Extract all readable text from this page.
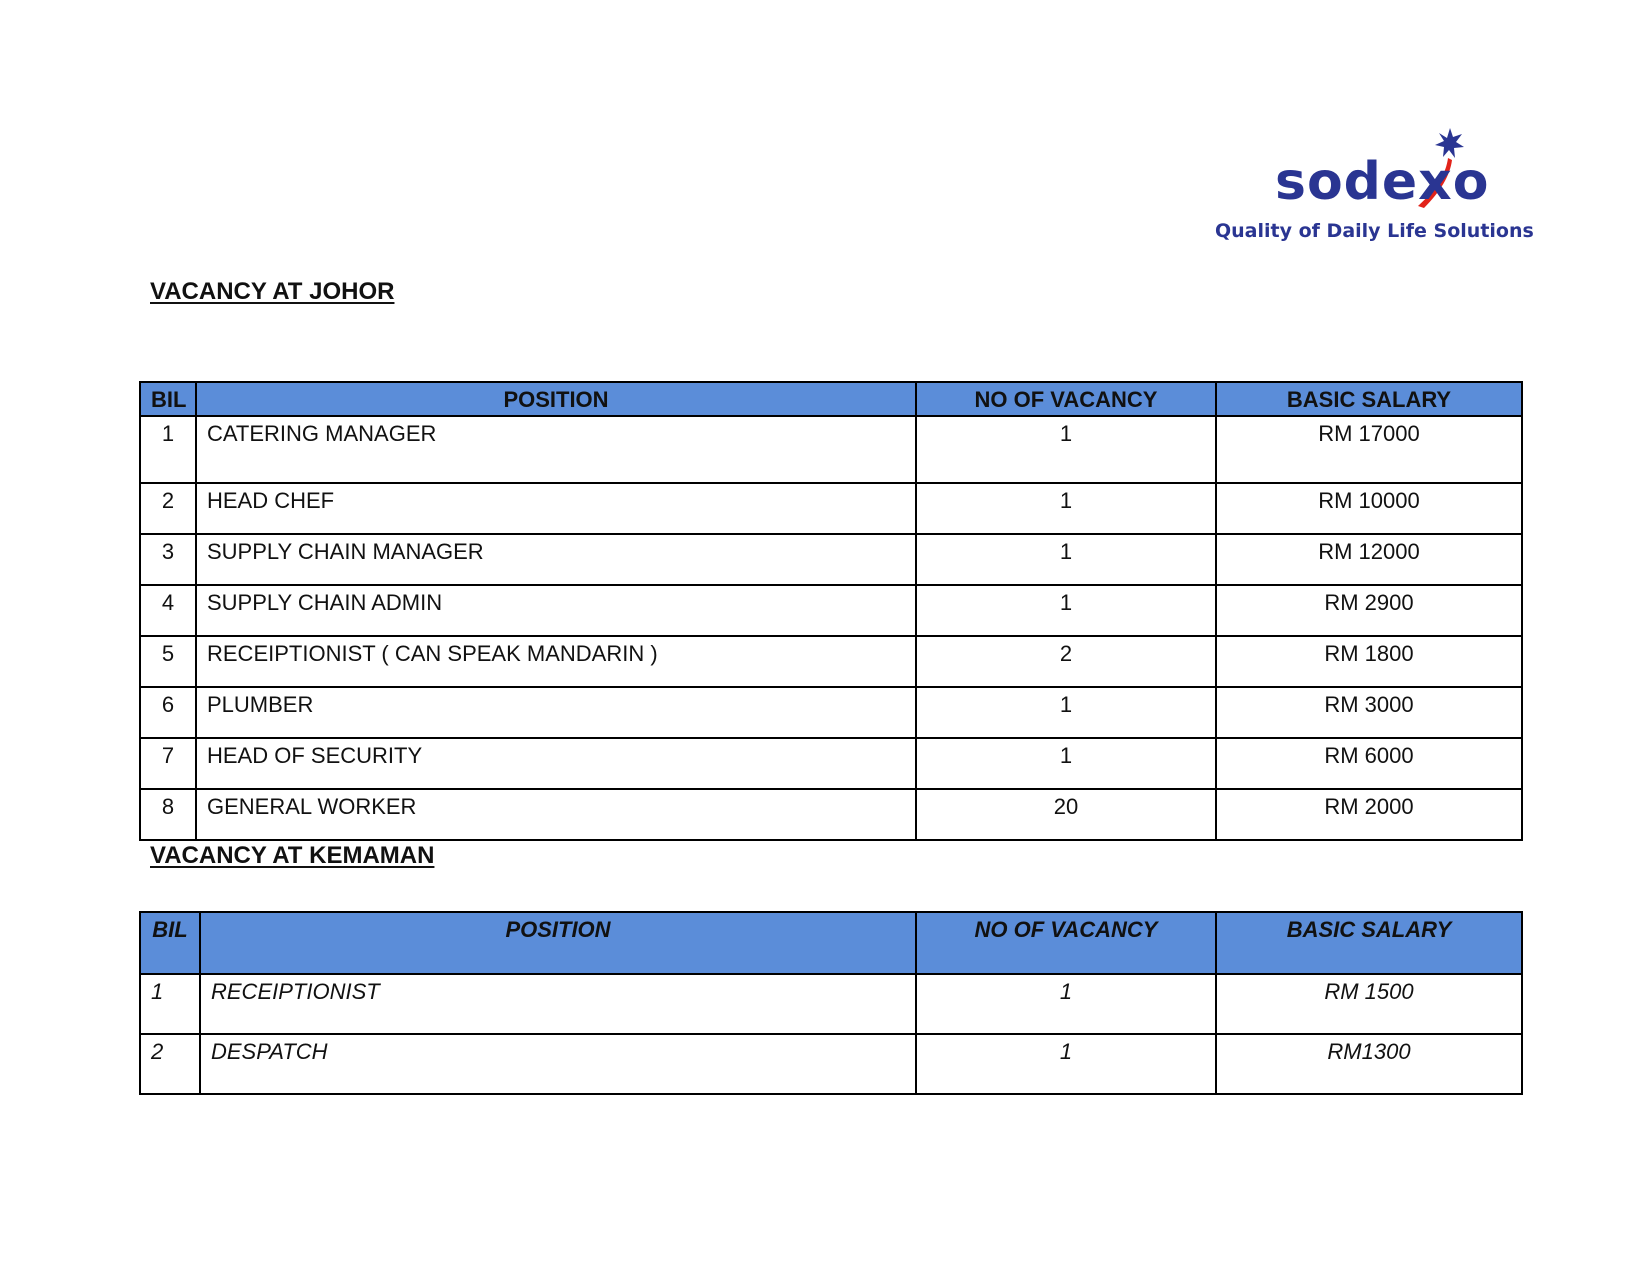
sodexo
Quality of Daily Life Solutions
VACANCY AT JOHOR
BIL	POSITION	NO OF VACANCY	BASIC SALARY
1	CATERING MANAGER	1	RM 17000
2	HEAD CHEF	1	RM 10000
3	SUPPLY CHAIN MANAGER	1	RM 12000
4	SUPPLY CHAIN ADMIN	1	RM 2900
5	RECEIPTIONIST ( CAN SPEAK MANDARIN )	2	RM 1800
6	PLUMBER	1	RM 3000
7	HEAD OF SECURITY	1	RM 6000
8	GENERAL WORKER	20	RM 2000
VACANCY AT KEMAMAN
BIL	POSITION	NO OF VACANCY	BASIC SALARY
1	RECEIPTIONIST	1	RM 1500
2	DESPATCH	1	RM1300
